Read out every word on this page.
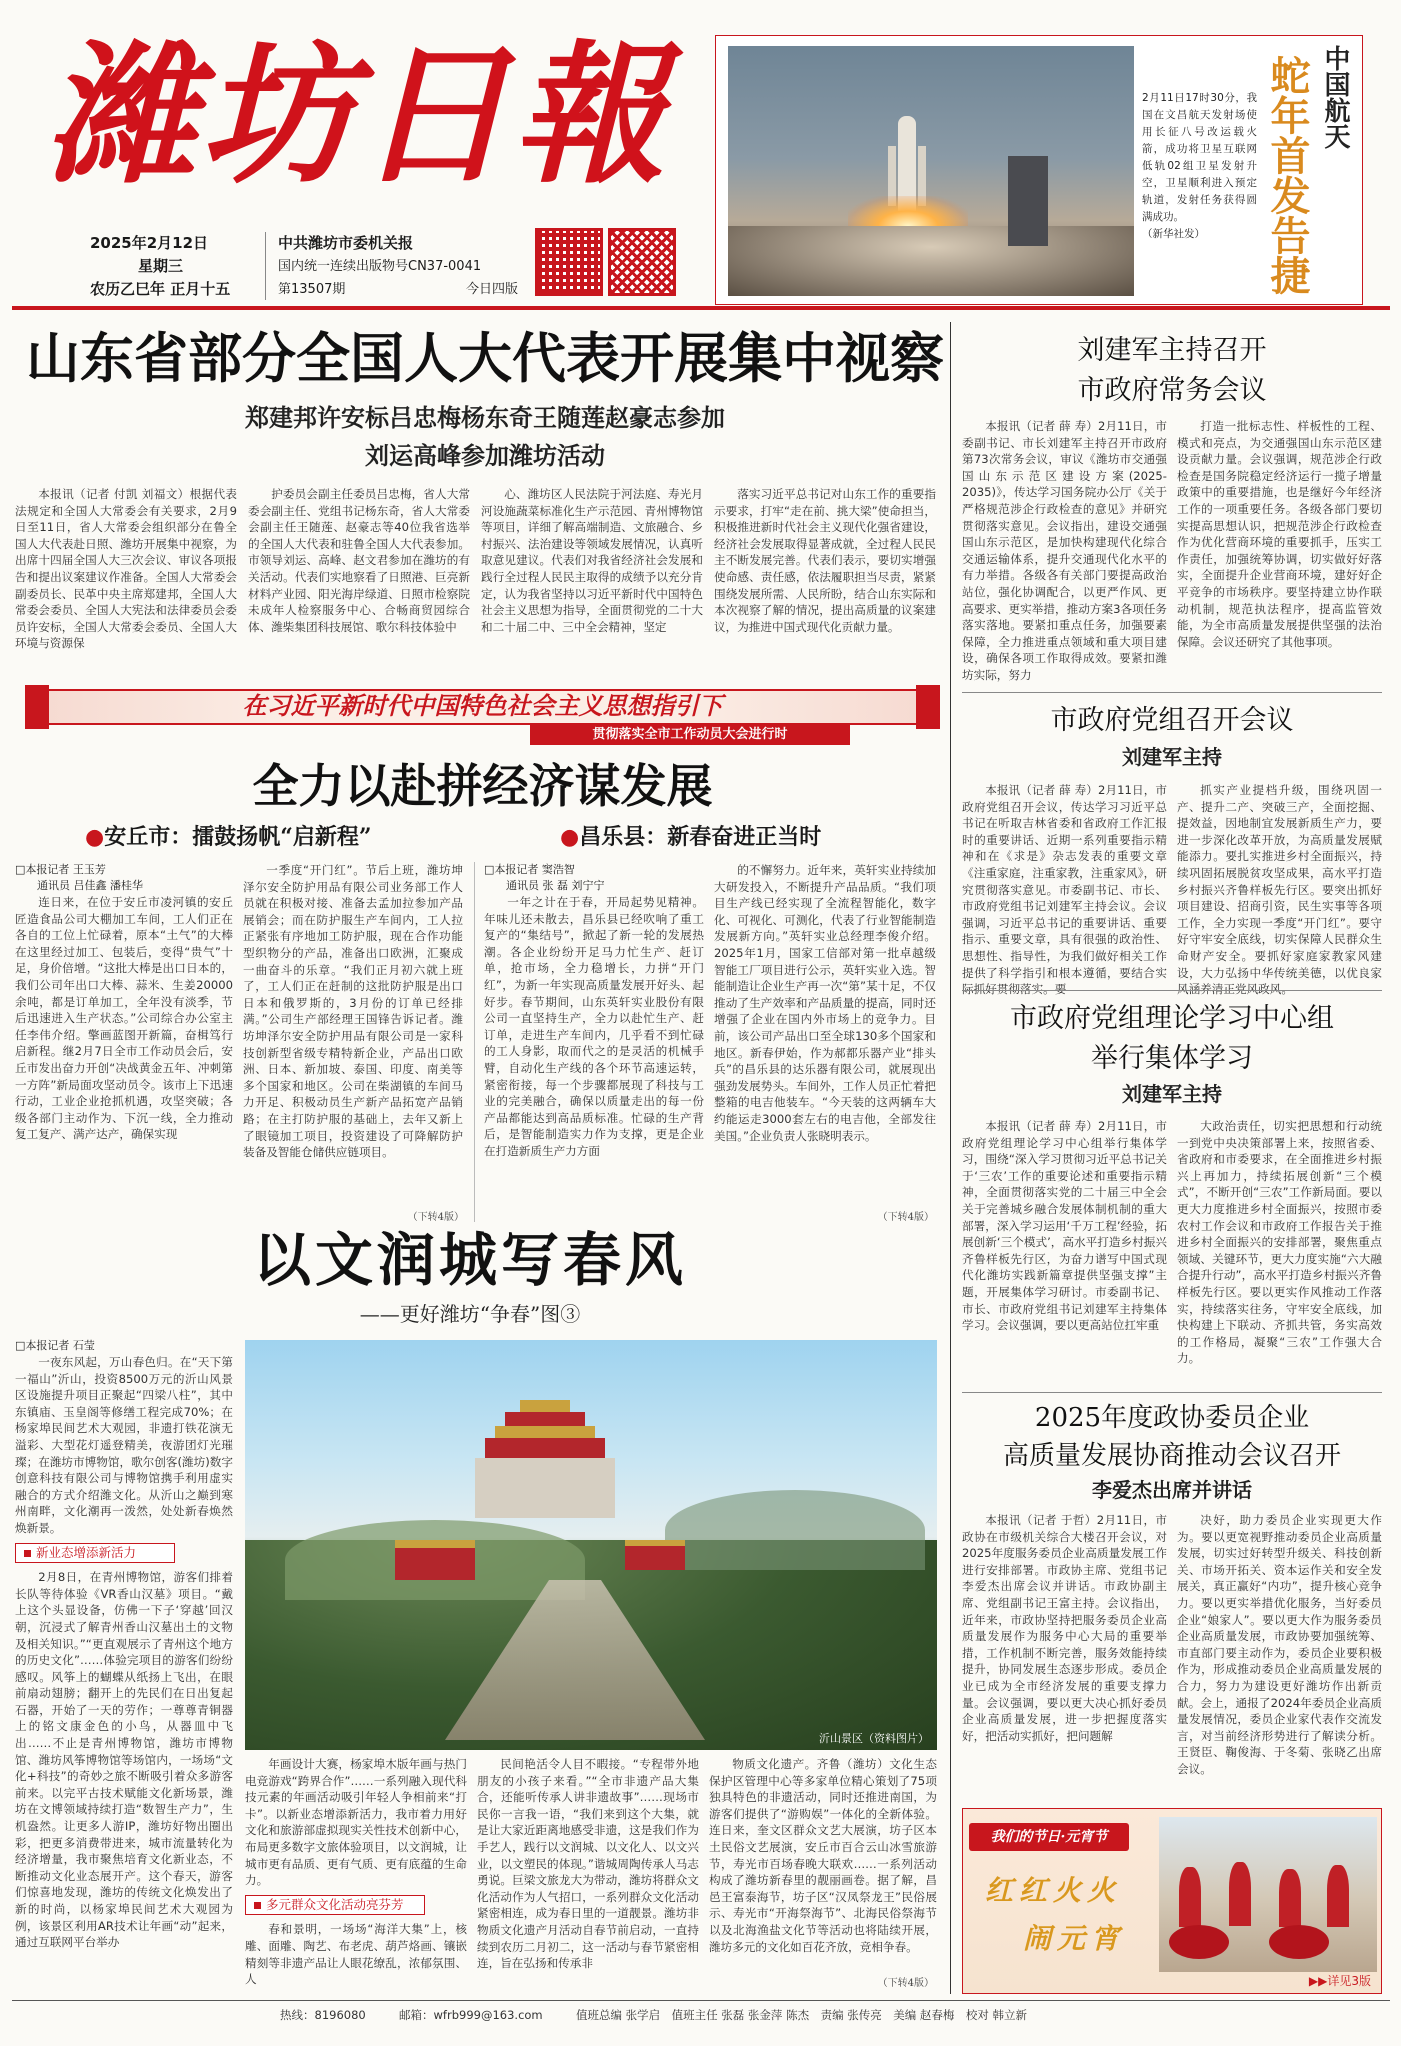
濰坊日報
2025年2月12日
星期三
农历乙巳年 正月十五
中共潍坊市委机关报
国内统一连续出版物号CN37-0041
第13507期	今日四版
2月11日17时30分，我国在文昌航天发射场使用长征八号改运载火箭，成功将卫星互联网低轨02组卫星发射升空，卫星顺利进入预定轨道，发射任务获得圆满成功。
（新华社发）	蛇年首发告捷 中国航天
山东省部分全国人大代表开展集中视察
郑建邦许安标吕忠梅杨东奇王随莲赵豪志参加
刘运高峰参加潍坊活动

本报讯（记者 付凯 刘福文）根据代表法规定和全国人大常委会有关要求，2月9日至11日，省人大常委会组织部分在鲁全国人大代表赴日照、潍坊开展集中视察，为出席十四届全国人大三次会议、审议各项报告和提出议案建议作准备。全国人大常委会副委员长、民革中央主席郑建邦，全国人大常委会委员、全国人大宪法和法律委员会委员许安标，全国人大常委会委员、全国人大环境与资源保

护委员会副主任委员吕忠梅，省人大常委会副主任、党组书记杨东奇，省人大常委会副主任王随莲、赵豪志等40位我省选举的全国人大代表和驻鲁全国人大代表参加。市领导刘运、高峰、赵文君参加在潍坊的有关活动。代表们实地察看了日照港、巨亮新材料产业园、阳光海岸绿道、日照市检察院未成年人检察服务中心、合畅商贸园综合体、潍柴集团科技展馆、歌尔科技体验中

心、潍坊区人民法院于河法庭、寿光月河设施蔬菜标准化生产示范园、青州博物馆等项目，详细了解高端制造、文旅融合、乡村振兴、法治建设等领域发展情况，认真听取意见建议。代表们对我省经济社会发展和践行全过程人民民主取得的成绩予以充分肯定，认为我省坚持以习近平新时代中国特色社会主义思想为指导，全面贯彻党的二十大和二十届二中、三中全会精神，坚定

落实习近平总书记对山东工作的重要指示要求，打牢“走在前、挑大梁”使命担当，积极推进新时代社会主义现代化强省建设，经济社会发展取得显著成就，全过程人民民主不断发展完善。代表们表示，要切实增强使命感、责任感，依法履职担当尽责，紧紧围绕发展所需、人民所盼，结合山东实际和本次视察了解的情况，提出高质量的议案建议，为推进中国式现代化贡献力量。

在习近平新时代中国特色社会主义思想指引下
贯彻落实全市工作动员大会进行时
全力以赴拼经济谋发展
●安丘市：擂鼓扬帆“启新程”	●昌乐县：新春奋进正当时
□本报记者 王玉芳
通讯员 吕佳鑫 潘桂华

连日来，在位于安丘市凌河镇的安丘匠造食品公司大棚加工车间，工人们正在各自的工位上忙碌着，原本“土气”的大棒在这里经过加工、包装后，变得“贵气”十足，身价倍增。“这批大棒是出口日本的，我们公司年出口大棒、蒜米、生姜20000余吨，都是订单加工，全年没有淡季，节后迅速进入生产状态。”公司综合办公室主任李伟介绍。擎画蓝图开新篇，奋楫笃行启新程。继2月7日全市工作动员会后，安丘市发出奋力开创“决战黄金五年、冲刺第一方阵”新局面攻坚动员令。该市上下迅速行动，工业企业抢抓机遇，攻坚突破；各级各部门主动作为、下沉一线，全力推动复工复产、满产达产，确保实现

一季度“开门红”。节后上班，潍坊坤泽尔安全防护用品有限公司业务部工作人员就在积极对接、准备去孟加拉参加产品展销会；而在防护服生产车间内，工人拉正紧张有序地加工防护服，现在合作功能型织物分的产品，准备出口欧洲，汇聚成一曲奋斗的乐章。“我们正月初六就上班了，工人们正在赶制的这批防护服是出口日本和俄罗斯的，3月份的订单已经排满。”公司生产部经理王国锋告诉记者。潍坊坤泽尔安全防护用品有限公司是一家科技创新型省级专精特新企业，产品出口欧洲、日本、新加坡、泰国、印度、南美等多个国家和地区。公司在柴湖镇的车间马力开足、积极动员生产新产品拓宽产品销路；在主打防护服的基础上，去年又新上了眼镜加工项目，投资建设了可降解防护装备及智能仓储供应链项目。

（下转4版）
□本报记者 窦浩智
通讯员 张 磊 刘宁宁

一年之计在于春，开局起势见精神。年味儿还未散去，昌乐县已经吹响了重工复产的“集结号”，掀起了新一轮的发展热潮。各企业纷纷开足马力忙生产、赶订单，抢市场，全力稳增长，力拼“开门红”，为新一年实现高质量发展开好头、起好步。春节期间，山东英轩实业股份有限公司一直坚持生产，全力以赴忙生产、赶订单，走进生产车间内，几乎看不到忙碌的工人身影，取而代之的是灵活的机械手臂，自动化生产线的各个环节高速运转，紧密衔接，每一个步骤都展现了科技与工业的完美融合，确保以质量走出的每一份产品都能达到高品质标准。忙碌的生产背后，是智能制造实力作为支撑，更是企业在打造新质生产力方面

的不懈努力。近年来，英轩实业持续加大研发投入，不断提升产品品质。“我们项目生产线已经实现了全流程智能化，数字化、可视化、可测化，代表了行业智能制造发展新方向。”英轩实业总经理李俊介绍。2025年1月，国家工信部对第一批卓越级智能工厂项目进行公示，英轩实业入选。智能制造让企业生产再一次“第”某十足，不仅推动了生产效率和产品质量的提高，同时还增强了企业在国内外市场上的竞争力。目前，该公司产品出口至全球130多个国家和地区。新春伊始，作为郝都乐器产业“排头兵”的昌乐县的达乐器有限公司，就展现出强劲发展势头。车间外，工作人员正忙着把整箱的电吉他装车。“今天装的这两辆车大约能运走3000套左右的电吉他，全部发往美国。”企业负责人张晓明表示。

（下转4版）
以文润城写春风
——更好潍坊“争春”图③
□本报记者 石莹

一夜东风起，万山春色归。在“天下第一福山”沂山，投资8500万元的沂山风景区设施提升项目正聚起“四梁八柱”，其中东镇庙、玉皇阁等修缮工程完成70%；在杨家埠民间艺术大观园，非遗打铁花演无溢彩、大型花灯遥登精美，夜游团灯光璀璨；在潍坊市博物馆，歌尔创客(潍坊)数字创意科技有限公司与博物馆携手利用虚实融合的方式介绍潍文化。从沂山之巅到寒州南畔，文化潮再一泼然，处处新春焕然焕新景。

新业态增添新活力

2月8日，在青州博物馆，游客们排着长队等待体验《VR香山汉墓》项目。“戴上这个头显设备，仿佛一下子‘穿越’回汉朝，沉浸式了解青州香山汉墓出土的文物及相关知识。”“更直观展示了青州这个地方的历史文化”……体验完项目的游客们纷纷感叹。风筝上的蝴蝶从纸扬上飞出，在眼前扇动翅膀；翻开上的先民们在日出复起石器，开始了一天的劳作；一尊尊青铜器上的铭文康金色的小鸟，从器皿中飞出……不止是青州博物馆，潍坊市博物馆、潍坊风筝博物馆等场馆内，一场场“文化+科技”的奇妙之旅不断吸引着众多游客前来。以完平古技术赋能文化新场景，潍坊在文博领域持续打造“数智生产力”，生机盎然。让更多人游IP，潍坊好物出圈出彩，把更多消费带进来，城市流量转化为经济增量，我市聚焦培育文化新业态，不断推动文化业态展开产。这个春天，游客们惊喜地发现，潍坊的传统文化焕发出了新的时尚，以杨家埠民间艺术大观园为例，该景区利用AR技术让年画“动”起来，通过互联网平台举办

沂山景区（资料图片）

年画设计大赛，杨家埠木版年画与热门电竞游戏“跨界合作”……一系列融入现代科技元素的年画活动吸引年轻人争相前来“打卡”。以新业态增添新活力，我市着力用好文化和旅游部虚拟现实关性技术创新中心，布局更多数字文旅体验项目，以文润城，让城市更有品质、更有气质、更有底蕴的生命力。

多元群众文化活动亮芬芳

春和景明，一场场“海洋大集”上，核雕、面雕、陶艺、布老虎、葫芦烙画、镶嵌精刻等非遗产品让人眼花缭乱，浓郁氛围、人

民间艳活令人目不暇接。“专程带外地朋友的小孩子来看。”“全市非遗产品大集合，还能听传承人讲非遗故事”……现场市民你一言我一语，“我们来到这个大集，就是让大家近距离地感受非遗，这是我们作为手艺人，践行以文润城、以文化人、以文兴业，以文塑民的体现。”谐城周陶传承人马志勇说。巨梁文旅龙大为带动，潍坊将群众文化活动作为人气招口，一系列群众文化活动紧密相连，成为春日里的一道靓景。潍坊非物质文化遗产月活动自春节前启动，一直持续到农历二月初二，这一活动与春节紧密相连，旨在弘扬和传承非

物质文化遗产。齐鲁（潍坊）文化生态保护区管理中心等多家单位精心策划了75项独具特色的非遗活动，同时还推进南国，为游客们提供了“游购娱”一体化的全新体验。连日来，奎文区群众文艺大展演，坊子区本土民俗文艺展演，安丘市百合云山冰雪旅游节，寿光市百场春晚大联欢……一系列活动构成了潍坊新春里的靓丽画卷。据了解，昌邑王富泰海节，坊子区“汉凤祭龙王”民俗展示、寿光市“开海祭海节”、北海民俗祭海节以及北海渔盐文化节等活动也将陆续开展，潍坊多元的文化如百花齐放，竞相争春。

（下转4版）
刘建军主持召开
市政府常务会议

本报讯（记者 薛 寿）2月11日，市委副书记、市长刘建军主持召开市政府第73次常务会议，审议《潍坊市交通强国山东示范区建设方案(2025-2035)》，传达学习国务院办公厅《关于严格规范涉企行政检查的意见》并研究贯彻落实意见。会议指出，建设交通强国山东示范区，是加快构建现代化综合交通运输体系，提升交通现代化水平的有力举措。各级各有关部门要提高政治站位，强化协调配合，以更严作风、更高要求、更实举措，推动方案3各项任务落实落地。要紧扣重点任务，加强要素保障，全力推进重点领域和重大项目建设，确保各项工作取得成效。要紧扣潍坊实际，努力

打造一批标志性、样板性的工程、模式和亮点，为交通强国山东示范区建设贡献力量。会议强调，规范涉企行政检查是国务院稳定经济运行一揽子增量政策中的重要措施，也是继好今年经济工作的一项重要任务。各级各部门要切实提高思想认识，把规范涉企行政检查作为优化营商环境的重要抓手，压实工作责任，加强统筹协调，切实做好好落实，全面提升企业营商环境，建好好企平竞争的市场秩序。要坚持建立协作联动机制，规范执法程序，提高监管效能，为全市高质量发展提供坚强的法治保障。会议还研究了其他事项。

市政府党组召开会议
刘建军主持

本报讯（记者 薛 寿）2月11日，市政府党组召开会议，传达学习习近平总书记在听取吉林省委和省政府工作汇报时的重要讲话、近期一系列重要指示精神和在《求是》杂志发表的重要文章《注重家庭，注重家教，注重家风》，研究贯彻落实意见。市委副书记、市长、市政府党组书记刘建军主持会议。会议强调，习近平总书记的重要讲话、重要指示、重要文章，具有很强的政治性、思想性、指导性，为我们做好相关工作提供了科学指引和根本遵循，要结合实

抓实产业提档升级，围绕巩固一产、提升二产、突破三产，全面挖掘、提效益，因地制宜发展新质生产力，要进一步深化改革开放，为高质量发展赋能添力。要扎实推进乡村全面振兴，持续巩固拓展脱贫攻坚成果，高水平打造乡村振兴齐鲁样板先行区。要突出抓好项目建设、招商引资，民生实事等各项工作，全力实现一季度“开门红”。要守好守牢安全底线，切实保障人民群众生命财产安全。要抓好家庭家教家风建设，大力弘扬中华传统美德，以优良家

市政府党组理论学习中心组
举行集体学习
刘建军主持

本报讯（记者 薛 寿）2月11日，市政府党组理论学习中心组举行集体学习，围绕“深入学习贯彻习近平总书记关于‘三农’工作的重要论述和重要指示精神，全面贯彻落实党的二十届三中全会关于完善城乡融合发展体制机制的重大部署，深入学习运用‘千万工程’经验，拓展创新‘三个模式’，高水平打造乡村振兴齐鲁样板先行区，为奋力谱写中国式现代化潍坊实践新篇章提供坚强支撑”主题，开展集体学习研讨。市委副书记、市长、市政府党组书记刘建军主持集体学习。会议强调，要以更高站位扛牢重

大政治责任，切实把思想和行动统一到党中央决策部署上来，按照省委、省政府和市委要求，在全面推进乡村振兴上再加力，持续拓展创新“三个模式”，不断开创“三农”工作新局面。要以更大力度推进乡村全面振兴，按照市委农村工作会议和市政府工作报告关于推进乡村全面振兴的安排部署，聚焦重点领域、关键环节，更大力度实施“六大融合提升行动”，高水平打造乡村振兴齐鲁样板先行区。要以更实作风推动工作落实，持续落实往务，守牢安全底线，加快构建上下联动、齐抓共管，务实高效的工作格局，凝聚“三农”工作强大合力。

2025年度政协委员企业
高质量发展协商推动会议召开
李爱杰出席并讲话

本报讯（记者 于哲）2月11日，市政协在市级机关综合大楼召开会议，对2025年度服务委员企业高质量发展工作进行安排部署。市政协主席、党组书记李爱杰出席会议并讲话。市政协副主席、党组副书记王富主持。会议指出，近年来，市政协坚持把服务委员企业高质量发展作为服务中心大局的重要举措，工作机制不断完善，服务效能持续提升，协同发展生态逐步形成。委员企业已成为全市经济发展的重要支撑力量。会议强调，要以更大决心抓好委员企业高质量发展，进一步把握度落实好，把活动实抓好，把问题解

决好，助力委员企业实现更大作为。要以更宽视野推动委员企业高质量发展，切实过好转型升级关、科技创新关、市场开拓关、资本运作关和安全发展关，真正赢好“内功”，提升核心竞争力。要以更实举措优化服务，当好委员企业“娘家人”。要以更大作为服务委员企业高质量发展，市政协要加强统筹、市直部门要主动作为，委员企业要积极作为，形成推动委员企业高质量发展的合力，努力为建设更好潍坊作出新贡献。会上，通报了2024年委员企业高质量发展情况，委员企业家代表作交流发言，对当前经济形势进行了解读分析。王贤臣、鞠俊海、于冬菊、张晓乙出席会议。

我们的节日·元宵节
红红火火
闹元宵
▶▶详见3版
热线：8196080	邮箱：wfrb999@163.com	值班总编 张学启　值班主任 张磊 张金萍 陈杰　责编 张传亮　美编 赵春梅　校对 韩立新
